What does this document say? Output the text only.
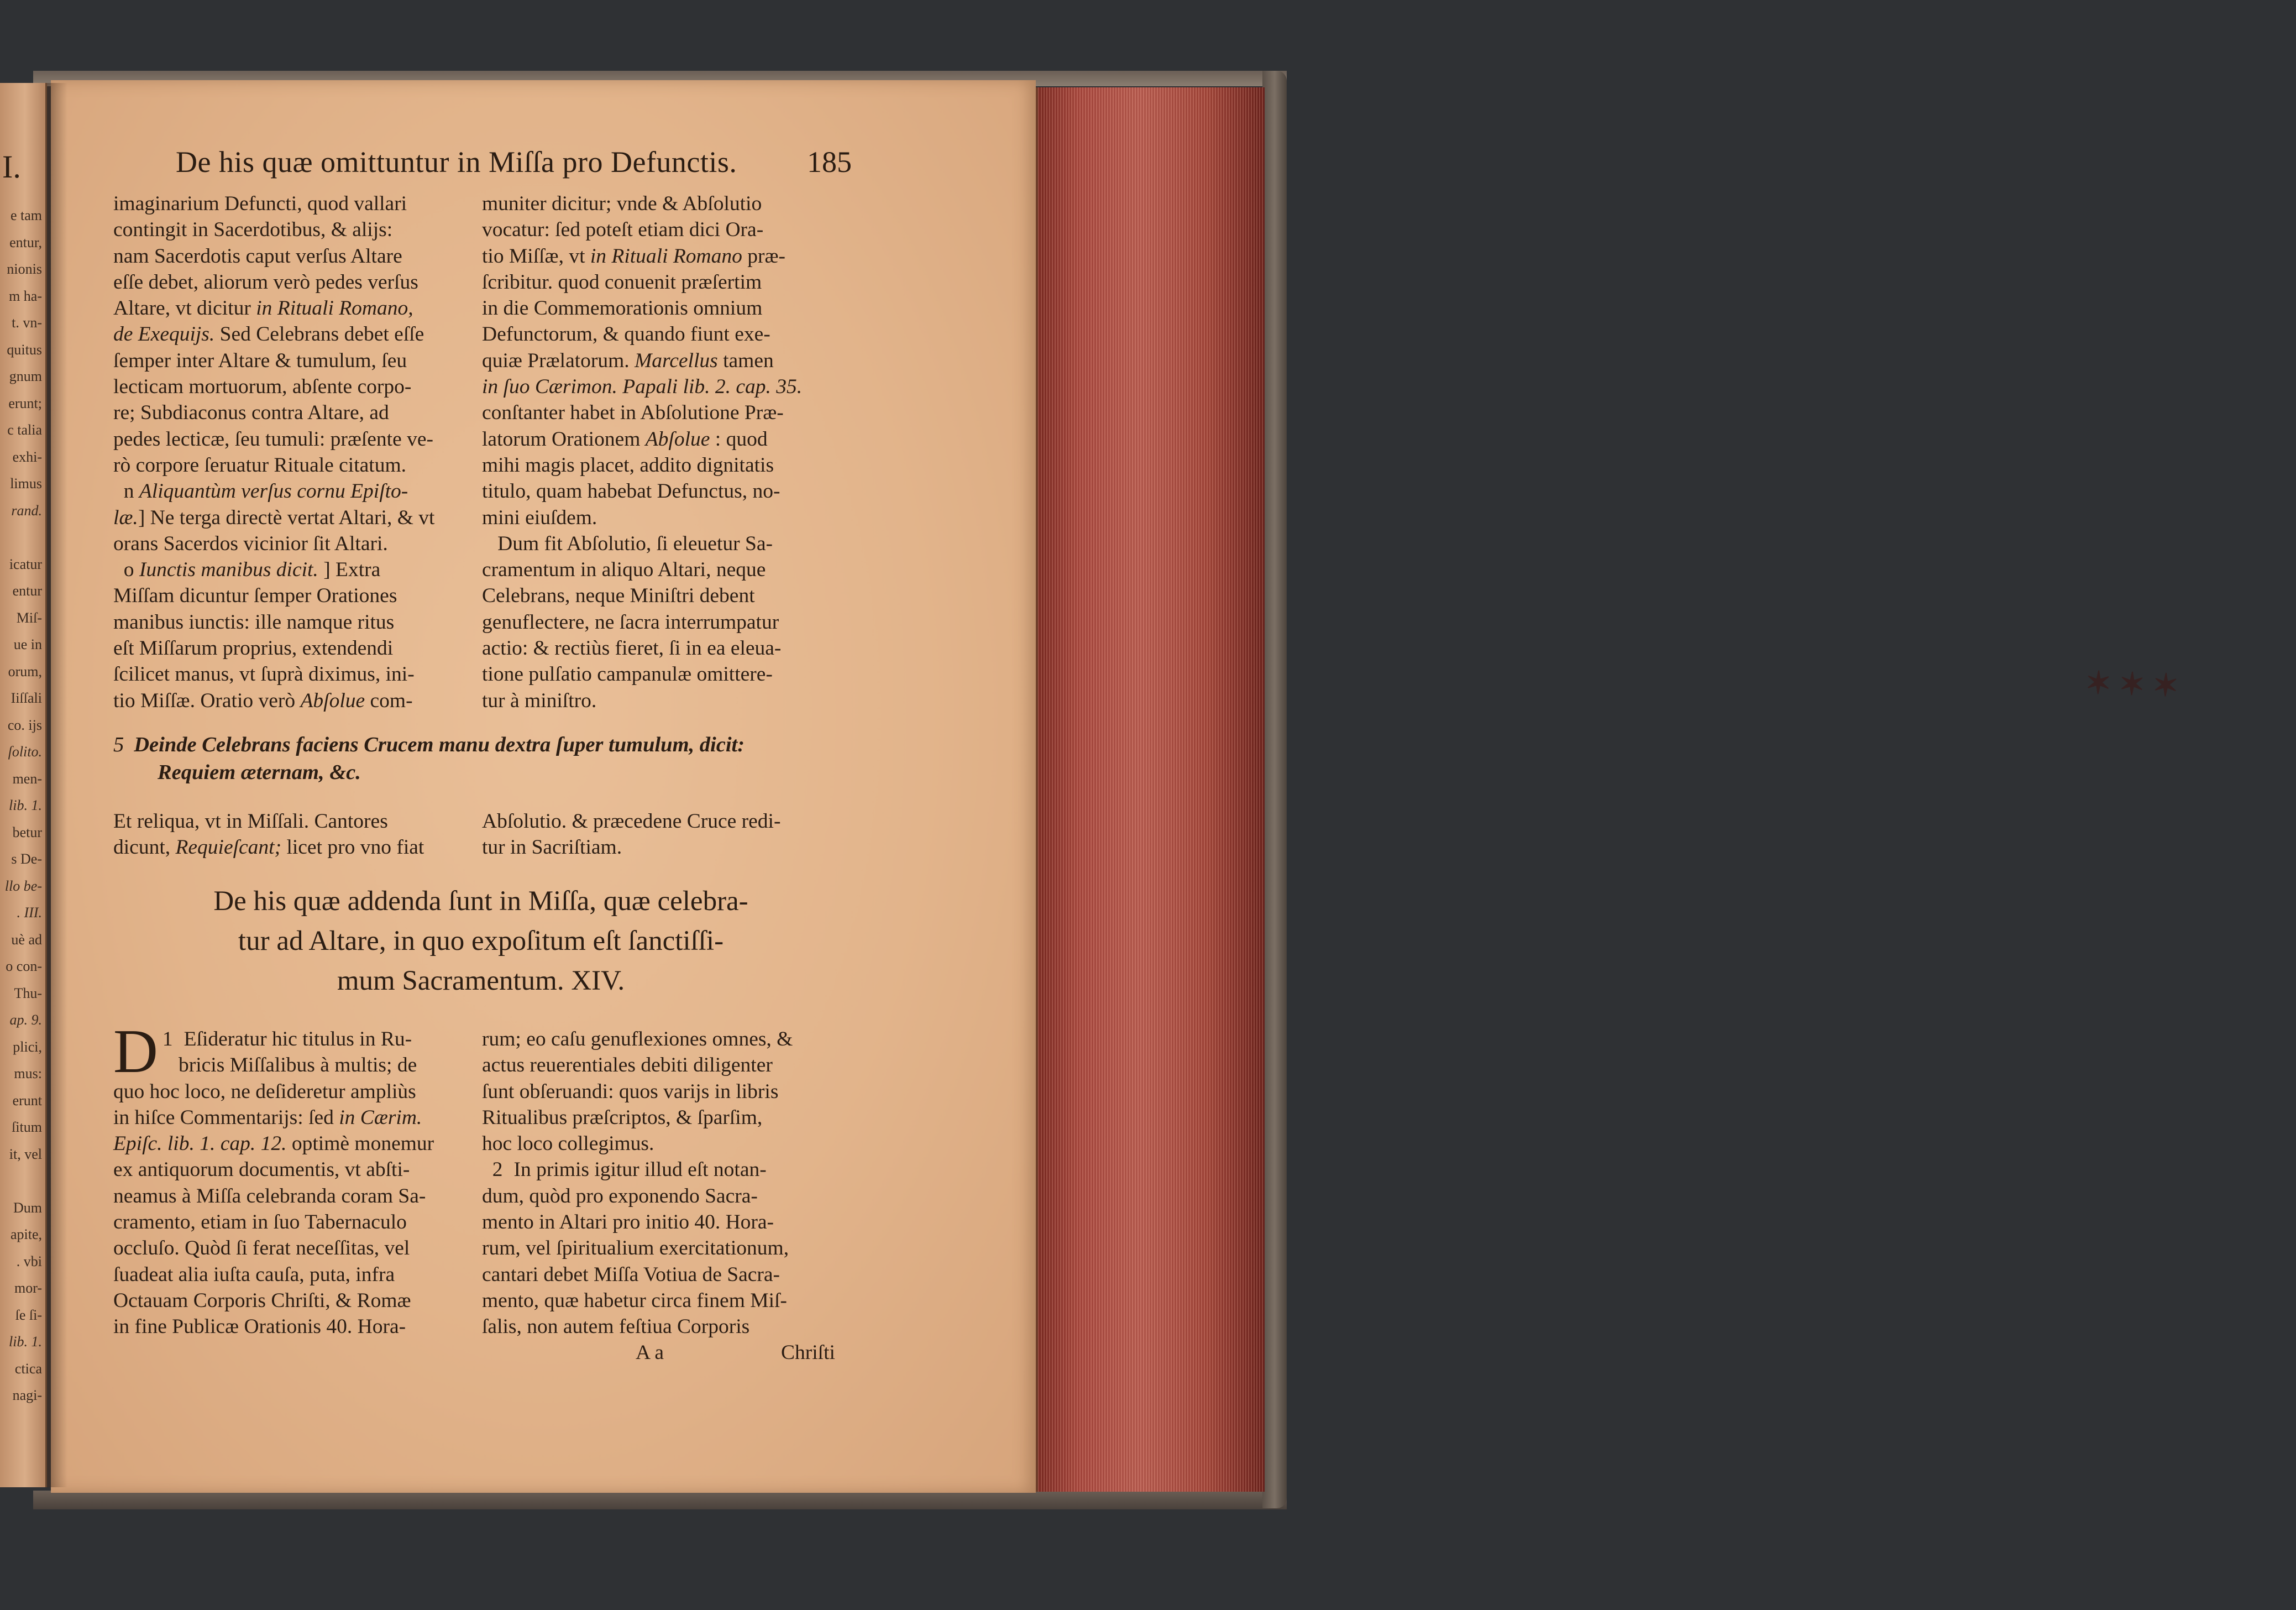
✶ ✶ ✶
I.
e tam
entur,
nionis
m ha-
t. vn-
quitus
gnum
erunt;
c talia
exhi-
limus
rand.
icatur
entur
Miſ-
ue in
orum,
Iiſſali
co. ijs
ſolito.
men-
lib. 1.
betur
s De-
llo be-
. III.
uè ad
o con-
Thu-
ap. 9.
plici,
mus:
erunt
ſitum
it, vel
Dum
apite,
. vbi
mor-
ſe ſi-
lib. 1.
ctica
nagi-
De his quæ omittuntur in Miſſa pro Defunctis. 185
imaginarium Defuncti, quod vallari
contingit in Sacerdotibus, & alijs:
nam Sacerdotis caput verſus Altare
eſſe debet, aliorum verò pedes verſus
Altare, vt dicitur in Rituali Romano,
de Exequijs. Sed Celebrans debet eſſe
ſemper inter Altare & tumulum, ſeu
lecticam mortuorum, abſente corpo-
re; Subdiaconus contra Altare, ad
pedes lecticæ, ſeu tumuli: præſente ve-
rò corpore ſeruatur Rituale citatum.
n Aliquantùm verſus cornu Epiſto-
læ.] Ne terga directè vertat Altari, & vt
orans Sacerdos vicinior ſit Altari.
o Iunctis manibus dicit. ] Extra
Miſſam dicuntur ſemper Orationes
manibus iunctis: ille namque ritus
eſt Miſſarum proprius, extendendi
ſcilicet manus, vt ſuprà diximus, ini-
tio Miſſæ. Oratio verò Abſolue com-
muniter dicitur; vnde & Abſolutio
vocatur: ſed poteſt etiam dici Ora-
tio Miſſæ, vt in Rituali Romano præ-
ſcribitur. quod conuenit præſertim
in die Commemorationis omnium
Defunctorum, & quando fiunt exe-
quiæ Prælatorum. Marcellus tamen
in ſuo Cærimon. Papali lib. 2. cap. 35.
conſtanter habet in Abſolutione Præ-
latorum Orationem Abſolue : quod
mihi magis placet, addito dignitatis
titulo, quam habebat Defunctus, no-
mini eiuſdem.
Dum fit Abſolutio, ſi eleuetur Sa-
cramentum in aliquo Altari, neque
Celebrans, neque Miniſtri debent
genuflectere, ne ſacra interrumpatur
actio: & rectiùs fieret, ſi in ea eleua-
tione pulſatio campanulæ omittere-
tur à miniſtro.
5 Deinde Celebrans faciens Crucem manu dextra ſuper tumulum, dicit:
Requiem æternam, &c.
Et reliqua, vt in Miſſali. Cantores
dicunt, Requieſcant; licet pro vno fiat
Abſolutio. & præcedene Cruce redi-
tur in Sacriſtiam.
De his quæ addenda ſunt in Miſſa, quæ celebra-
tur ad Altare, in quo expoſitum eſt ſanctiſſi-
mum Sacramentum. XIV.
1
D Eſideratur hic titulus in Ru-
bricis Miſſalibus à multis; de
quo hoc loco, ne deſideretur ampliùs
in hiſce Commentarijs: ſed in Cærim.
Epiſc. lib. 1. cap. 12. optimè monemur
ex antiquorum documentis, vt abſti-
neamus à Miſſa celebranda coram Sa-
cramento, etiam in ſuo Tabernaculo
occluſo. Quòd ſi ferat neceſſitas, vel
ſuadeat alia iuſta cauſa, puta, infra
Octauam Corporis Chriſti, & Romæ
in fine Publicæ Orationis 40. Hora-
rum; eo caſu genuflexiones omnes, &
actus reuerentiales debiti diligenter
ſunt obſeruandi: quos varijs in libris
Ritualibus præſcriptos, & ſparſim,
hoc loco collegimus.
2 In primis igitur illud eſt notan-
dum, quòd pro exponendo Sacra-
mento in Altari pro initio 40. Hora-
rum, vel ſpiritualium exercitationum,
cantari debet Miſſa Votiua de Sacra-
mento, quæ habetur circa finem Miſ-
ſalis, non autem feſtiua Corporis
A a	Chriſti
